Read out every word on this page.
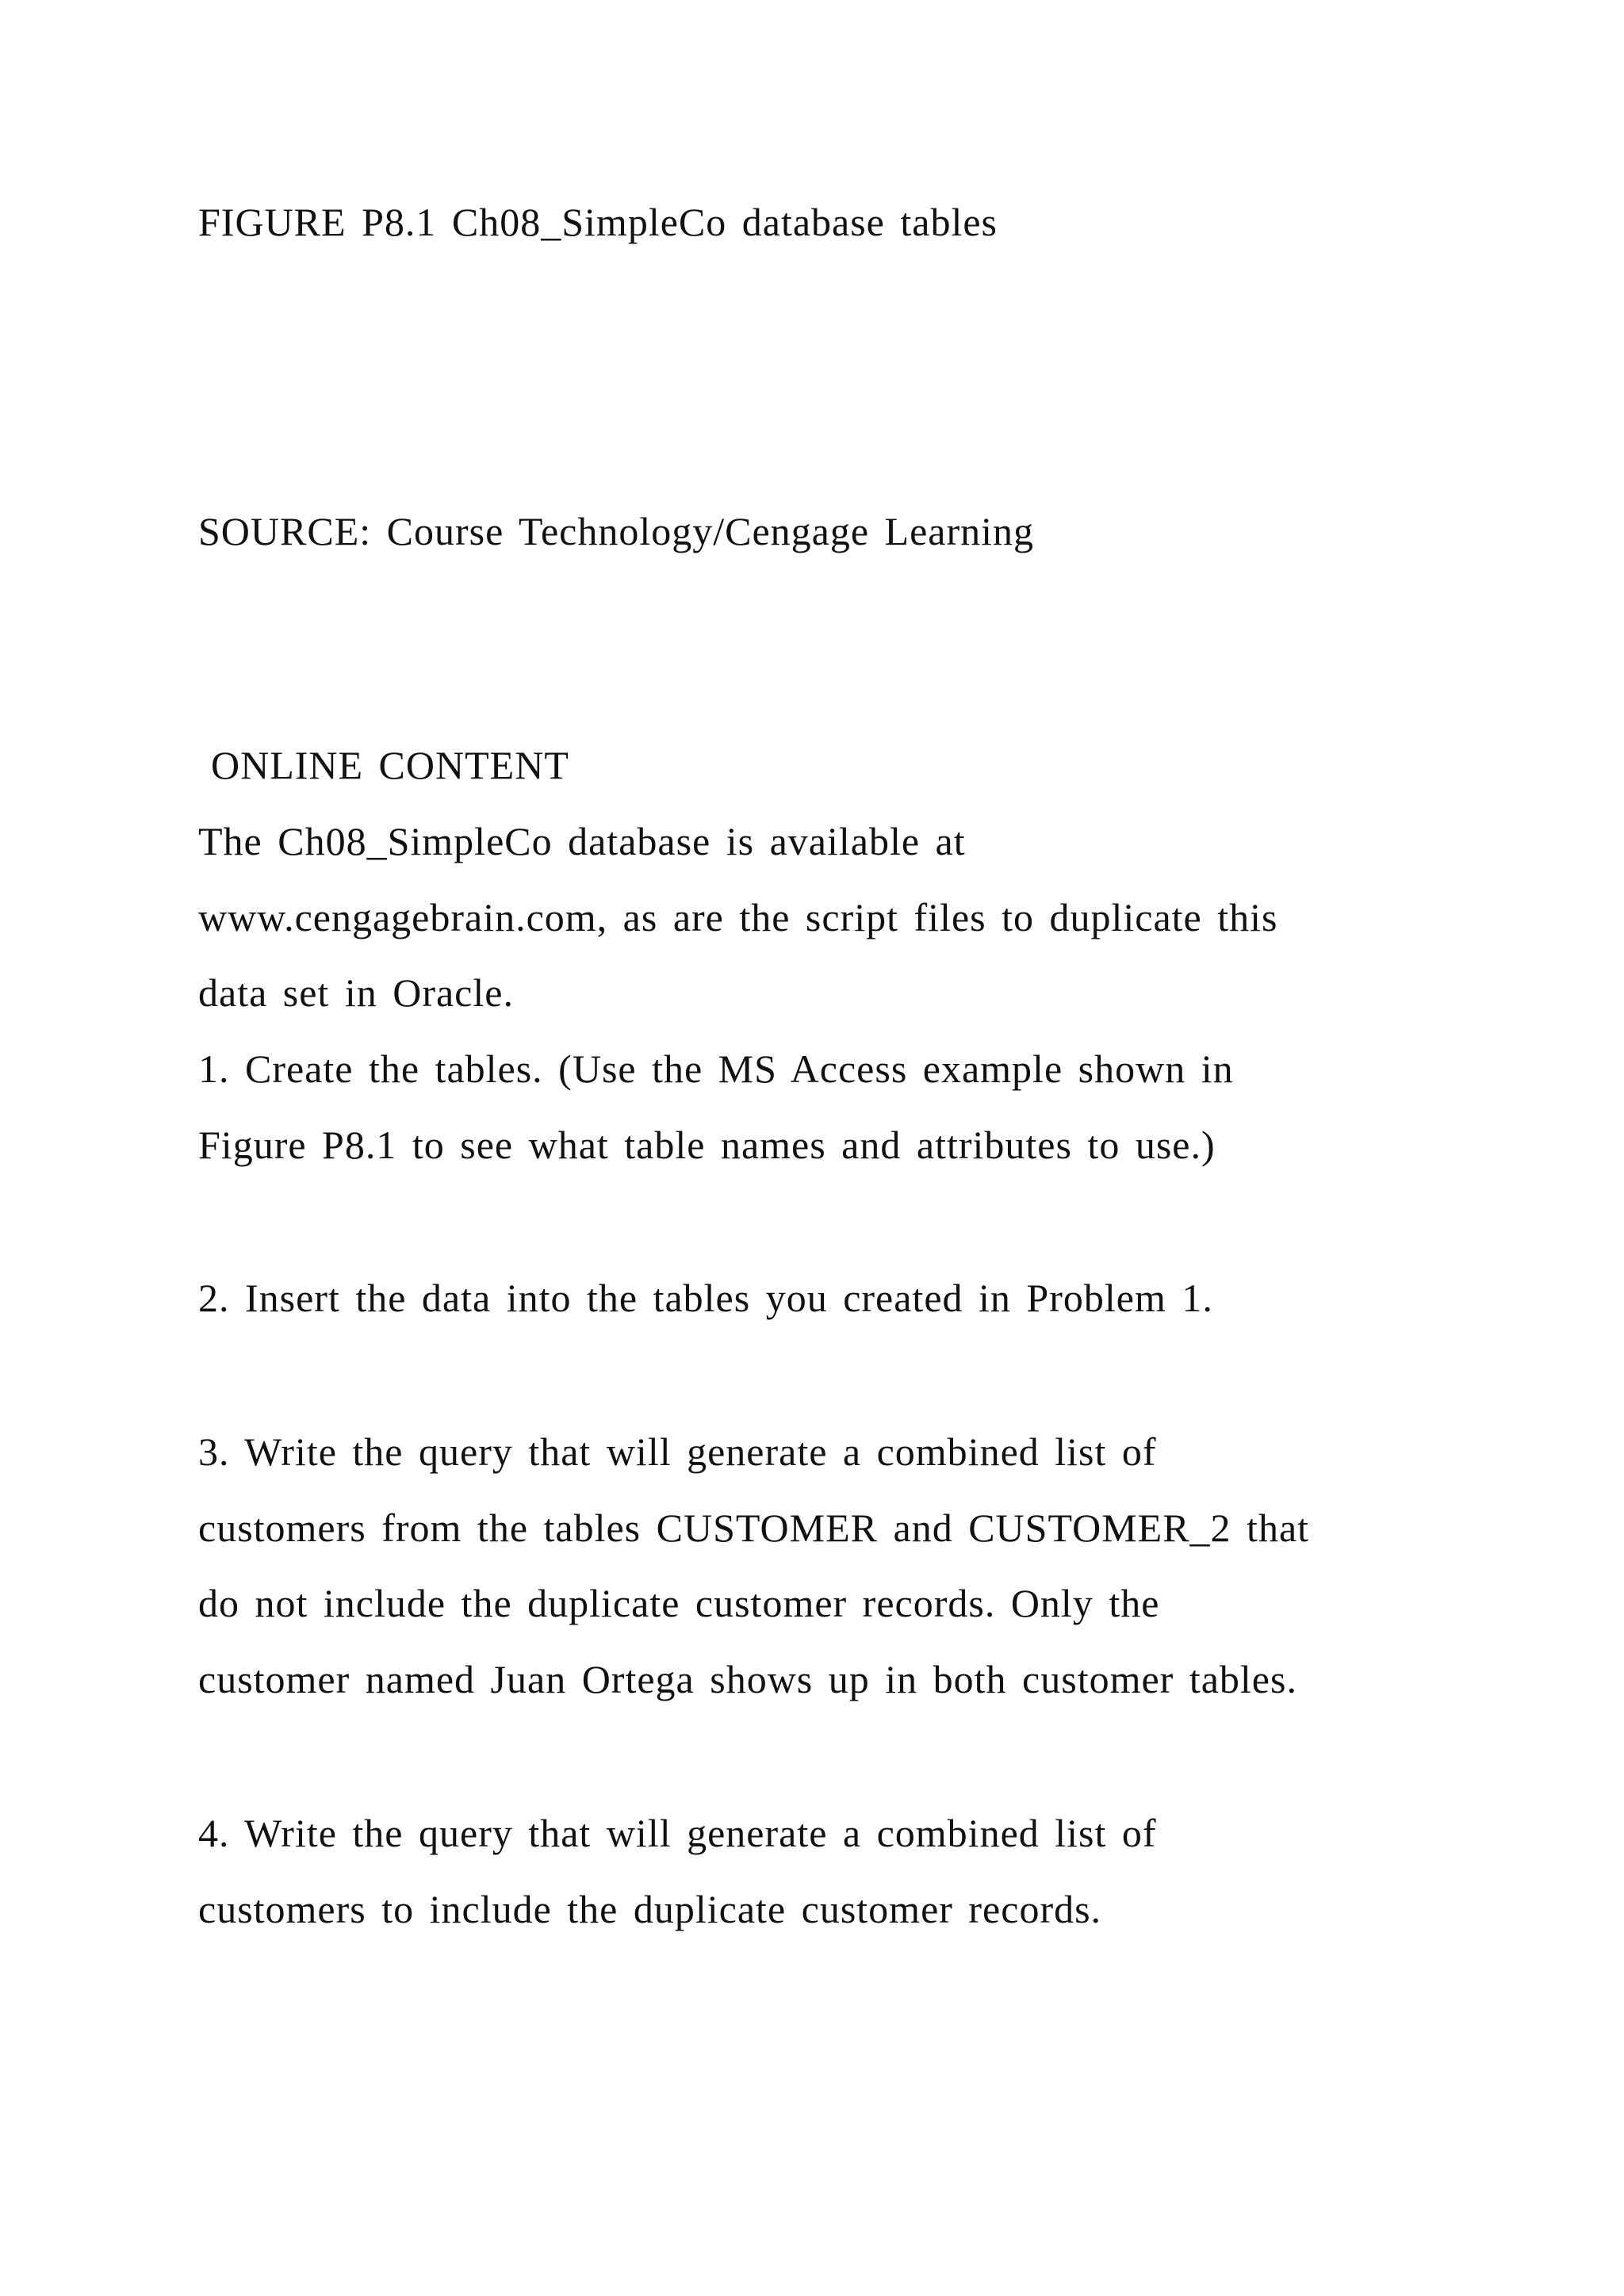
FIGURE P8.1 Ch08_SimpleCo database tables
SOURCE: Course Technology/Cengage Learning
ONLINE CONTENT
The Ch08_SimpleCo database is available at
www.cengagebrain.com, as are the script files to duplicate this
data set in Oracle.
1. Create the tables. (Use the MS Access example shown in
Figure P8.1 to see what table names and attributes to use.)
2. Insert the data into the tables you created in Problem 1.
3. Write the query that will generate a combined list of
customers from the tables CUSTOMER and CUSTOMER_2 that
do not include the duplicate customer records. Only the
customer named Juan Ortega shows up in both customer tables.
4. Write the query that will generate a combined list of
customers to include the duplicate customer records.
